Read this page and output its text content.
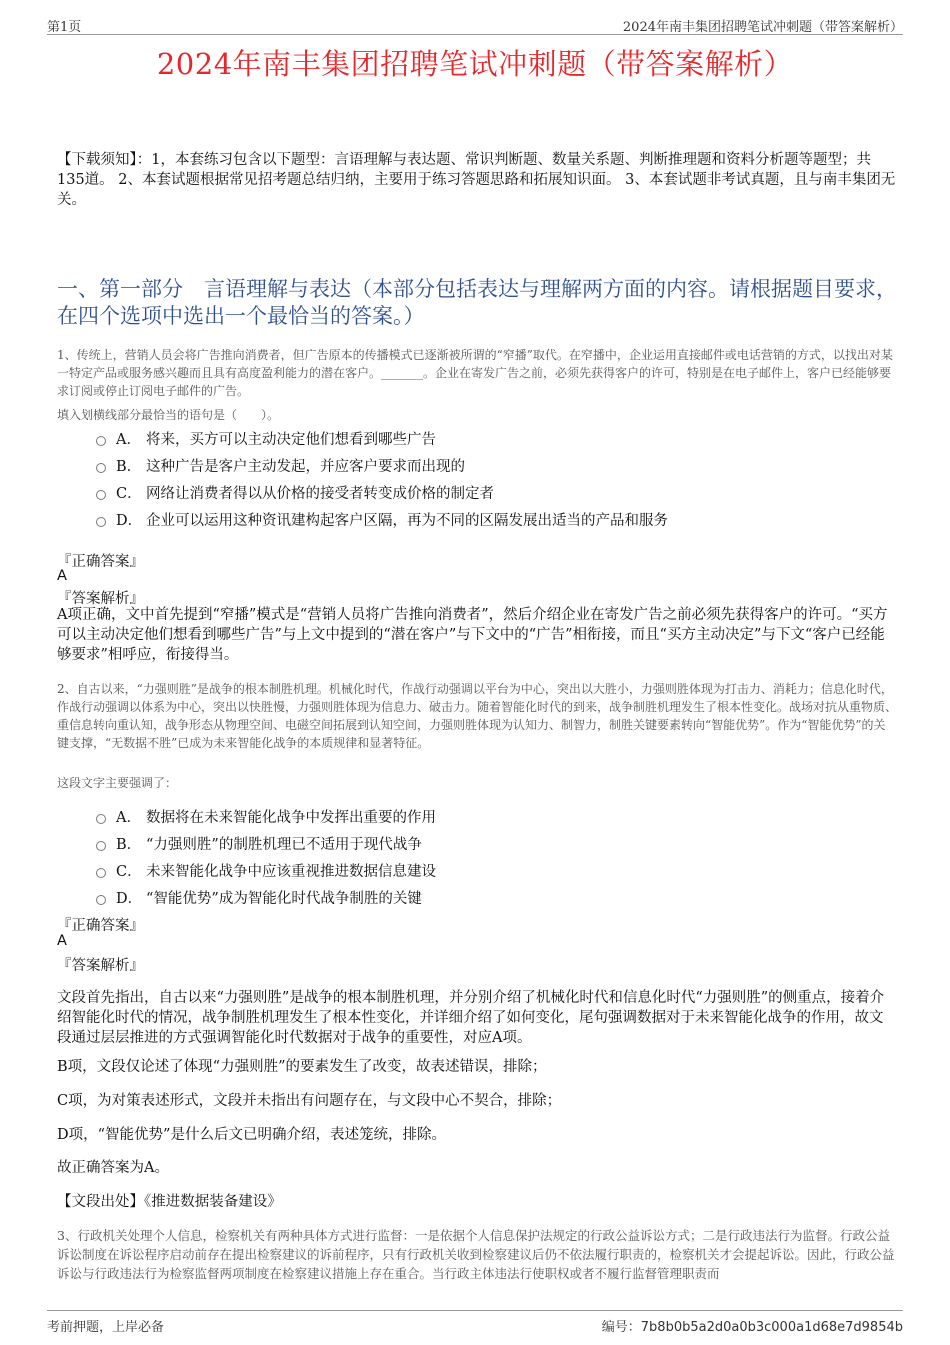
第1页	2024年南丰集团招聘笔试冲刺题（带答案解析）
2024年南丰集团招聘笔试冲刺题（带答案解析）
【下载须知】：1，本套练习包含以下题型：言语理解与表达题、常识判断题、数量关系题、判断推理题和资料分析题等题型；共135道。 2、本套试题根据常见招考题总结归纳，主要用于练习答题思路和拓展知识面。 3、本套试题非考试真题，且与南丰集团无关。
一、第一部分　言语理解与表达（本部分包括表达与理解两方面的内容。请根据题目要求，在四个选项中选出一个最恰当的答案。）
1、传统上，营销人员会将广告推向消费者，但广告原本的传播模式已逐渐被所谓的“窄播”取代。在窄播中，企业运用直接邮件或电话营销的方式，以找出对某一特定产品或服务感兴趣而且具有高度盈利能力的潜在客户。_______。企业在寄发广告之前，必须先获得客户的许可，特别是在电子邮件上，客户已经能够要求订阅或停止订阅电子邮件的广告。
填入划横线部分最恰当的语句是（　　）。
A． 将来，买方可以主动决定他们想看到哪些广告
B． 这种广告是客户主动发起，并应客户要求而出现的
C． 网络让消费者得以从价格的接受者转变成价格的制定者
D． 企业可以运用这种资讯建构起客户区隔，再为不同的区隔发展出适当的产品和服务
『正确答案』
A
『答案解析』
A项正确，文中首先提到“窄播”模式是“营销人员将广告推向消费者”，然后介绍企业在寄发广告之前必须先获得客户的许可。“买方可以主动决定他们想看到哪些广告”与上文中提到的“潜在客户”与下文中的“广告”相衔接，而且“买方主动决定”与下文“客户已经能够要求”相呼应，衔接得当。
2、自古以来，“力强则胜”是战争的根本制胜机理。机械化时代，作战行动强调以平台为中心，突出以大胜小，力强则胜体现为打击力、消耗力；信息化时代，作战行动强调以体系为中心，突出以快胜慢，力强则胜体现为信息力、破击力。随着智能化时代的到来，战争制胜机理发生了根本性变化。战场对抗从重物质、重信息转向重认知，战争形态从物理空间、电磁空间拓展到认知空间，力强则胜体现为认知力、制智力，制胜关键要素转向“智能优势”。作为“智能优势”的关键支撑，“无数据不胜”已成为未来智能化战争的本质规律和显著特征。
这段文字主要强调了：
A． 数据将在未来智能化战争中发挥出重要的作用
B． “力强则胜”的制胜机理已不适用于现代战争
C． 未来智能化战争中应该重视推进数据信息建设
D． “智能优势”成为智能化时代战争制胜的关键
『正确答案』
A
『答案解析』
文段首先指出，自古以来“力强则胜”是战争的根本制胜机理，并分别介绍了机械化时代和信息化时代“力强则胜”的侧重点，接着介绍智能化时代的情况，战争制胜机理发生了根本性变化，并详细介绍了如何变化，尾句强调数据对于未来智能化战争的作用，故文段通过层层推进的方式强调智能化时代数据对于战争的重要性，对应A项。
B项，文段仅论述了体现“力强则胜”的要素发生了改变，故表述错误，排除；
C项，为对策表述形式，文段并未指出有问题存在，与文段中心不契合，排除；
D项，“智能优势”是什么后文已明确介绍，表述笼统，排除。
故正确答案为A。
【文段出处】《推进数据装备建设》
3、行政机关处理个人信息，检察机关有两种具体方式进行监督：一是依据个人信息保护法规定的行政公益诉讼方式；二是行政违法行为监督。行政公益诉讼制度在诉讼程序启动前存在提出检察建议的诉前程序，只有行政机关收到检察建议后仍不依法履行职责的，检察机关才会提起诉讼。因此，行政公益诉讼与行政违法行为检察监督两项制度在检察建议措施上存在重合。当行政主体违法行使职权或者不履行监督管理职责而
考前押题，上岸必备	编号：7b8b0b5a2d0a0b3c000a1d68e7d9854b
